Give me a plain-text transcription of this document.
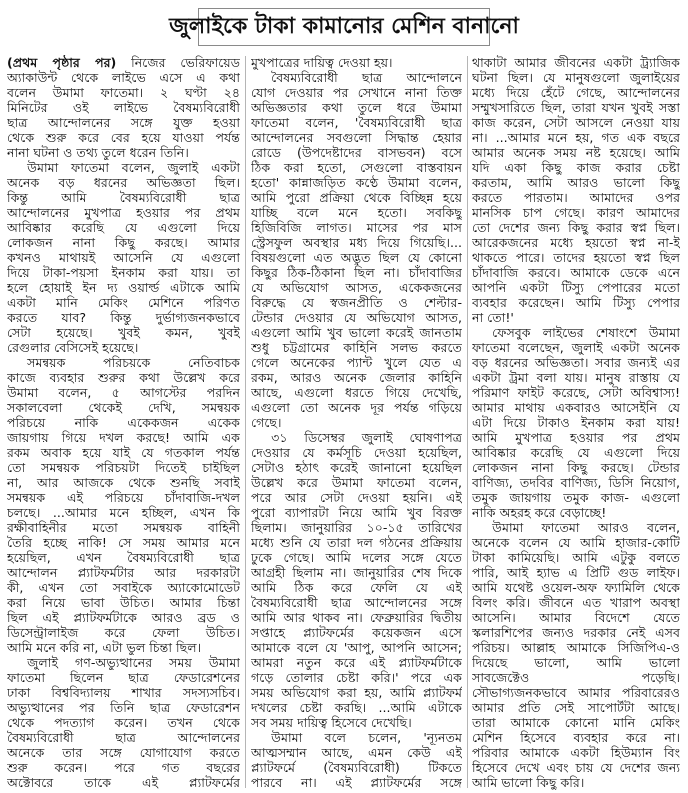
জুলাইকে টাকা কামানোর মেশিন বানানো
(প্রথম পৃষ্ঠার পর) নিজের ভেরিফায়েড
অ্যাকাউন্ট থেকে লাইভে এসে এ কথা
বলেন উমামা ফাতেমা। ২ ঘণ্টা ২৪
মিনিটের ওই লাইভে বৈষম্যবিরোধী
ছাত্র আন্দোলনের সঙ্গে যুক্ত হওয়া
থেকে শুরু করে বের হয়ে যাওয়া পর্যন্ত
নানা ঘটনা ও তথ্য তুলে ধরেন তিনি।
উমামা ফাতেমা বলেন, জুলাই একটা
অনেক বড় ধরনের অভিজ্ঞতা ছিল।
কিন্তু আমি বৈষম্যবিরোধী ছাত্র
আন্দোলনের মুখপাত্র হওয়ার পর প্রথম
আবিষ্কার করেছি যে এগুলো দিয়ে
লোকজন নানা কিছু করছে। আমার
কখনও মাথায়ই আসেনি যে এগুলো
দিয়ে টাকা-পয়সা ইনকাম করা যায়। তা
হলে হোয়াই ইন দ্য ওয়ার্ল্ড এটাকে আমি
একটা মানি মেকিং মেশিনে পরিণত
করতে যাব? কিন্তু দুর্ভাগ্যজনকভাবে
সেটা হয়েছে। খুবই কমন, খুবই
রেগুলার বেসিসেই হয়েছে।
সমন্বয়ক পরিচয়কে নেতিবাচক
কাজে ব্যবহার শুরুর কথা উল্লেখ করে
উমামা বলেন, ৫ আগস্টের পরদিন
সকালবেলা থেকেই দেখি, সমন্বয়ক
পরিচয়ে নাকি একেকজন একেক
জায়গায় গিয়ে দখল করছে! আমি এক
রকম অবাক হয়ে যাই যে গতকাল পর্যন্ত
তো সমন্বয়ক পরিচয়টা দিতেই চাইছিল
না, আর আজকে থেকে শুনছি সবাই
সমন্বয়ক এই পরিচয়ে চাঁদাবাজি-দখল
চলছে। ...আমার মনে হচ্ছিল, এখন কি
রক্ষীবাহিনীর মতো সমন্বয়ক বাহিনী
তৈরি হচ্ছে নাকি! সে সময় আমার মনে
হয়েছিল, এখন বৈষম্যবিরোধী ছাত্র
আন্দোলন প্ল্যাটফর্মটার আর দরকারটা
কী, এখন তো সবাইকে অ্যাকোমোডেট
করা নিয়ে ভাবা উচিত। আমার চিন্তা
ছিল এই প্ল্যাটফর্মটাকে আরও ব্রড ও
ডিসেন্ট্রালাইজ করে ফেলা উচিত।
আমি মনে করি না, এটা ভুল চিন্তা ছিল।
জুলাই গণ-অভ্যুত্থানের সময় উমামা
ফাতেমা ছিলেন ছাত্র ফেডারেশনের
ঢাকা বিশ্ববিদ্যালয় শাখার সদস্যসচিব।
অভ্যুত্থানের পর তিনি ছাত্র ফেডারেশন
থেকে পদত্যাগ করেন। তখন থেকে
বৈষম্যবিরোধী ছাত্র আন্দোলনের
অনেকে তার সঙ্গে যোগাযোগ করতে
শুরু করেন। পরে গত বছরের
অক্টোবরে তাকে এই প্ল্যাটফর্মের
মুখপাত্রের দায়িত্ব দেওয়া হয়।
বৈষম্যবিরোধী ছাত্র আন্দোলনে
যোগ দেওয়ার পর সেখানে নানা তিক্ত
অভিজ্ঞতার কথা তুলে ধরে উমামা
ফাতেমা বলেন, 'বৈষম্যবিরোধী ছাত্র
আন্দোলনের সবগুলো সিদ্ধান্ত হেয়ার
রোডে (উপদেষ্টাদের বাসভবন) বসে
ঠিক করা হতো, সেগুলো বাস্তবায়ন
হতো' কান্নাজড়িত কণ্ঠে উমামা বলেন,
আমি পুরো প্রক্রিয়া থেকে বিচ্ছিন্ন হয়ে
যাচ্ছি বলে মনে হতো। সবকিছু
হিজিবিজি লাগত। মাসের পর মাস
স্ট্রেসফুল অবস্থার মধ্য দিয়ে গিয়েছি।...
বিষয়গুলো এত অদ্ভুত ছিল যে কোনো
কিছুর ঠিক-ঠিকানা ছিল না। চাঁদাবাজির
যে অভিযোগ আসত, একেকজনের
বিরুদ্ধে যে স্বজনপ্রীতি ও শেল্টার-
টেন্ডার দেওয়ার যে অভিযোগ আসত,
এগুলো আমি খুব ভালো করেই জানতাম
শুধু চট্টগ্রামের কাহিনি সলভ করতে
গেলে অনেকের প্যান্ট খুলে যেত এ
রকম, আরও অনেক জেলার কাহিনি
আছে, এগুলো ধরতে গিয়ে দেখেছি,
এগুলো তো অনেক দূর পর্যন্ত গড়িয়ে
গেছে।
৩১ ডিসেম্বর জুলাই ঘোষণাপত্র
দেওয়ার যে কর্মসূচি দেওয়া হয়েছিল,
সেটাও হঠাৎ করেই জানানো হয়েছিল
উল্লেখ করে উমামা ফাতেমা বলেন,
পরে আর সেটা দেওয়া হয়নি। এই
পুরো ব্যাপারটা নিয়ে আমি খুব বিরক্ত
ছিলাম। জানুয়ারির ১০-১৫ তারিখের
মধ্যে শুনি যে তারা দল গঠনের প্রক্রিয়ায়
ঢুকে গেছে। আমি দলের সঙ্গে যেতে
আগ্রহী ছিলাম না। জানুয়ারির শেষ দিকে
আমি ঠিক করে ফেলি যে এই
বৈষম্যবিরোধী ছাত্র আন্দোলনের সঙ্গে
আমি আর থাকব না। ফেব্রুয়ারির দ্বিতীয়
সপ্তাহে প্ল্যাটফর্মের কয়েকজন এসে
আমাকে বলে যে 'আপু, আপনি আসেন;
আমরা নতুন করে এই প্ল্যাটফর্মটাকে
গড়ে তোলার চেষ্টা করি।' পরে এক
সময় অভিযোগ করা হয়, আমি প্ল্যাটফর্ম
দখলের চেষ্টা করছি। ...আমি এটাকে
সব সময় দায়িত্ব হিসেবে দেখেছি।
উমামা বলে চলেন, 'ন্যূনতম
আত্মসম্মান আছে, এমন কেউ এই
প্ল্যাটফর্মে (বৈষম্যবিরোধী) টিকতে
পারবে না। এই প্ল্যাটফর্মের সঙ্গে
থাকাটা আমার জীবনের একটা ট্র্যাজিক
ঘটনা ছিল। যে মানুষগুলো জুলাইয়ের
মধ্যে দিয়ে হেঁটে গেছে, আন্দোলনের
সম্মুখসারিতে ছিল, তারা যখন খুবই সস্তা
কাজ করেন, সেটা আসলে নেওয়া যায়
না। ...আমার মনে হয়, গত এক বছরে
আমার অনেক সময় নষ্ট হয়েছে। আমি
যদি একা কিছু কাজ করার চেষ্টা
করতাম, আমি আরও ভালো কিছু
করতে পারতাম। আমাদের ওপর
মানসিক চাপ গেছে। কারণ আমাদের
তো দেশের জন্য কিছু করার স্বপ্ন ছিল।
আরেকজনের মধ্যে হয়তো স্বপ্ন না-ই
থাকতে পারে। তাদের হয়তো স্বপ্ন ছিল
চাঁদাবাজি করবে। আমাকে ডেকে এনে
আপনি একটা টিস্যু পেপারের মতো
ব্যবহার করেছেন। আমি টিস্যু পেপার
না তো!'
ফেসবুক লাইভের শেষাংশে উমামা
ফাতেমা বলেছেন, জুলাই একটা অনেক
বড় ধরনের অভিজ্ঞতা। সবার জন্যই এর
একটা ট্রমা বলা যায়। মানুষ রাস্তায় যে
পরিমাণ ফাইট করেছে, সেটা অবিশ্বাস্য!
আমার মাথায় একবারও আসেইনি যে
এটা দিয়ে টাকাও ইনকাম করা যায়!
আমি মুখপাত্র হওয়ার পর প্রথম
আবিষ্কার করেছি যে এগুলো দিয়ে
লোকজন নানা কিছু করছে। টেন্ডার
বাণিজ্য, তদবির বাণিজ্য, ডিসি নিয়োগ,
তমুক জায়গায় তমুক কাজ- এগুলো
নাকি অহরহ করে বেড়াচ্ছে!
উমামা ফাতেমা আরও বলেন,
অনেকে বলেন যে আমি হাজার-কোটি
টাকা কামিয়েছি। আমি এটুকু বলতে
পারি, আই হ্যাভ এ প্রিটি গুড লাইফ।
আমি যথেষ্ট ওয়েল-অফ ফ্যামিলি থেকে
বিলং করি। জীবনে এত খারাপ অবস্থা
আসেনি। আমার বিদেশে যেতে
স্কলারশিপের জন্যও দরকার নেই এসব
পরিচয়। আল্লাহ আমাকে সিজিপিএ-ও
দিয়েছে ভালো, আমি ভালো
সাবজেক্টেও পড়েছি।
সৌভাগ্যজনকভাবে আমার পরিবারেরও
আমার প্রতি সেই সাপোর্টটা আছে।
তারা আমাকে কোনো মানি মেকিং
মেশিন হিসেবে ব্যবহার করে না।
পরিবার আমাকে একটা হিউম্যান বিং
হিসেবে দেখে এবং চায় যে দেশের জন্য
আমি ভালো কিছু করি।
